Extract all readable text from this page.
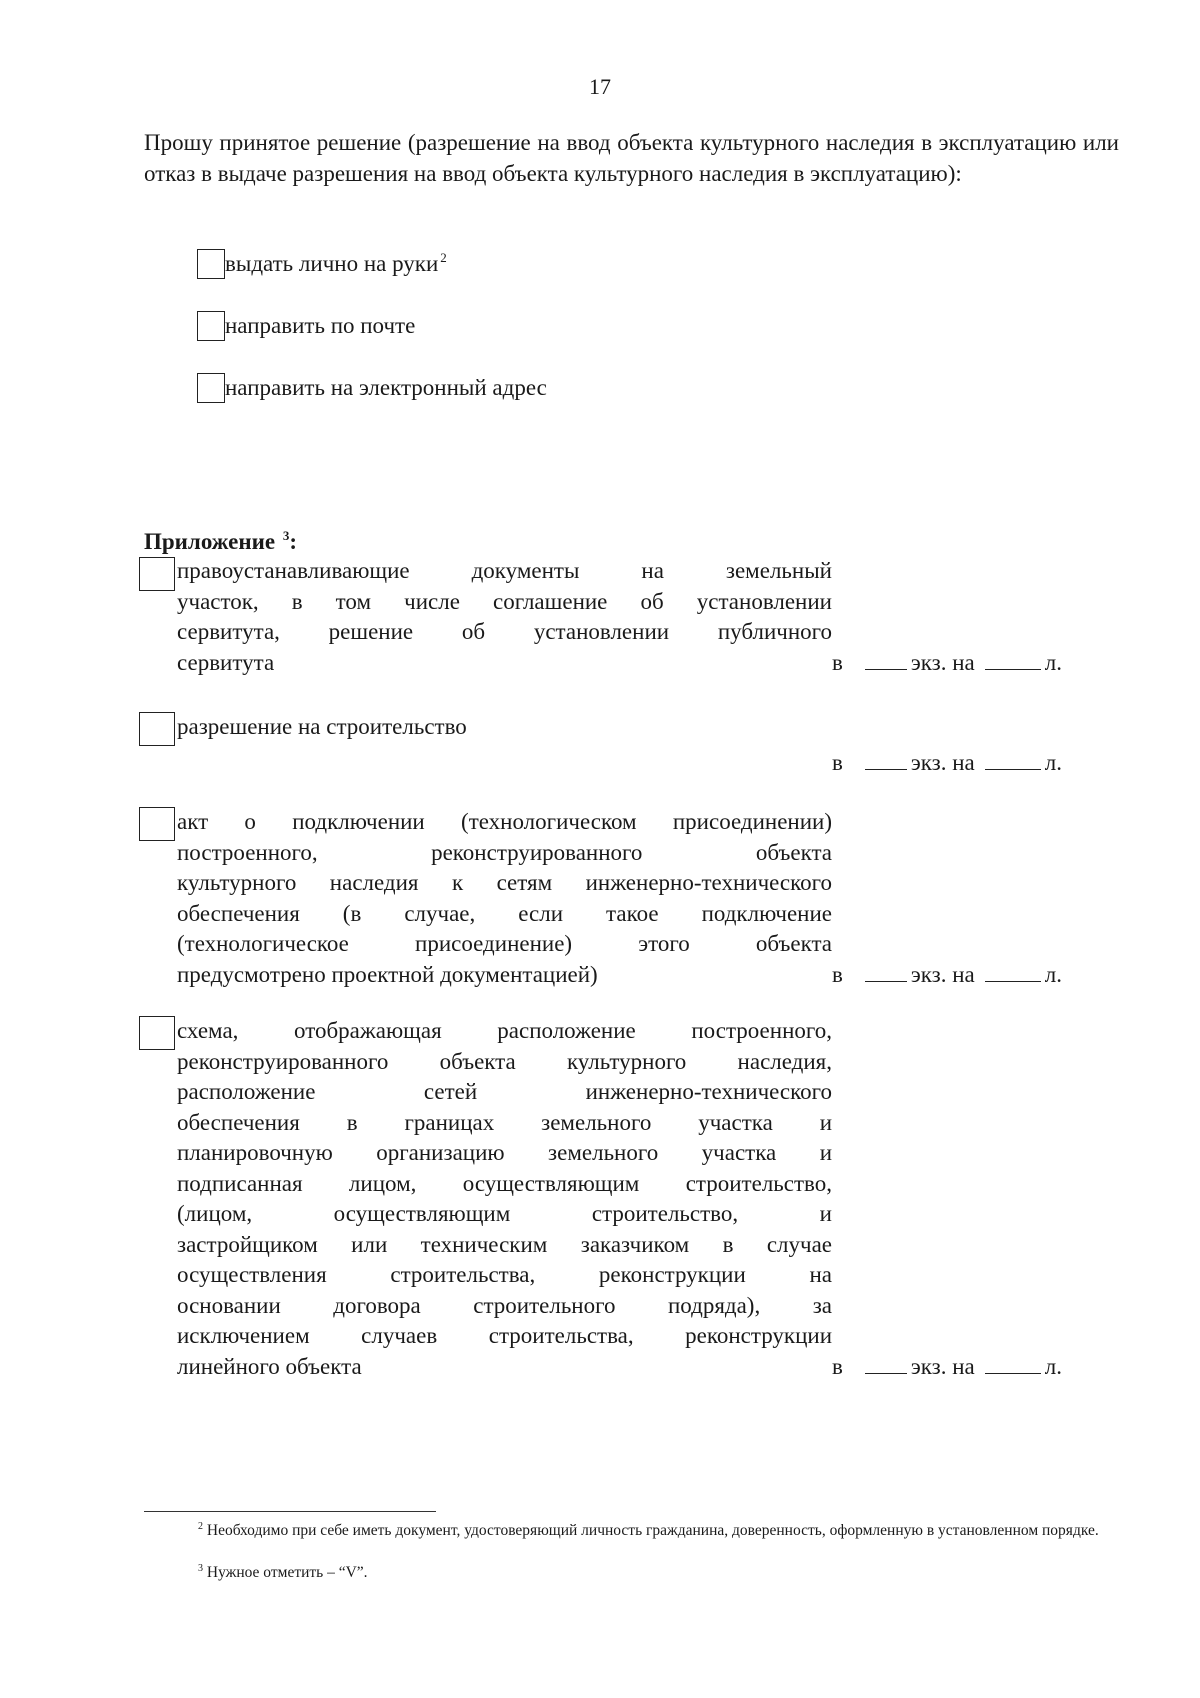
17
Прошу принятое решение (разрешение на ввод объекта культурного наследия в эксплуатацию или отказ в выдаче разрешения на ввод объекта культурного наследия в эксплуатацию):
выдать лично на руки $^2$
направить по почте
направить на электронный адрес
Приложение $^3$:
правоустанавливающие документы на земельный
участок, в том числе соглашение об установлении
сервитута, решение об установлении публичного
сервитута	в	экз. на	л.
разрешение на строительство
в	экз. на	л.
акт о подключении (технологическом присоединении)
построенного, реконструированного объекта
культурного наследия к сетям инженерно-технического
обеспечения (в случае, если такое подключение
(технологическое присоединение) этого объекта
предусмотрено проектной документацией)	в	экз. на	л.
схема, отображающая расположение построенного,
реконструированного объекта культурного наследия,
расположение сетей инженерно-технического
обеспечения в границах земельного участка и
планировочную организацию земельного участка и
подписанная лицом, осуществляющим строительство,
(лицом, осуществляющим строительство, и
застройщиком или техническим заказчиком в случае
осуществления строительства, реконструкции на
основании договора строительного подряда), за
исключением случаев строительства, реконструкции
линейного объекта	в	экз. на	л.
$^2$ Необходимо при себе иметь документ, удостоверяющий личность гражданина, доверенность, оформленную в установленном порядке.
$^3$ Нужное отметить – “V”.
